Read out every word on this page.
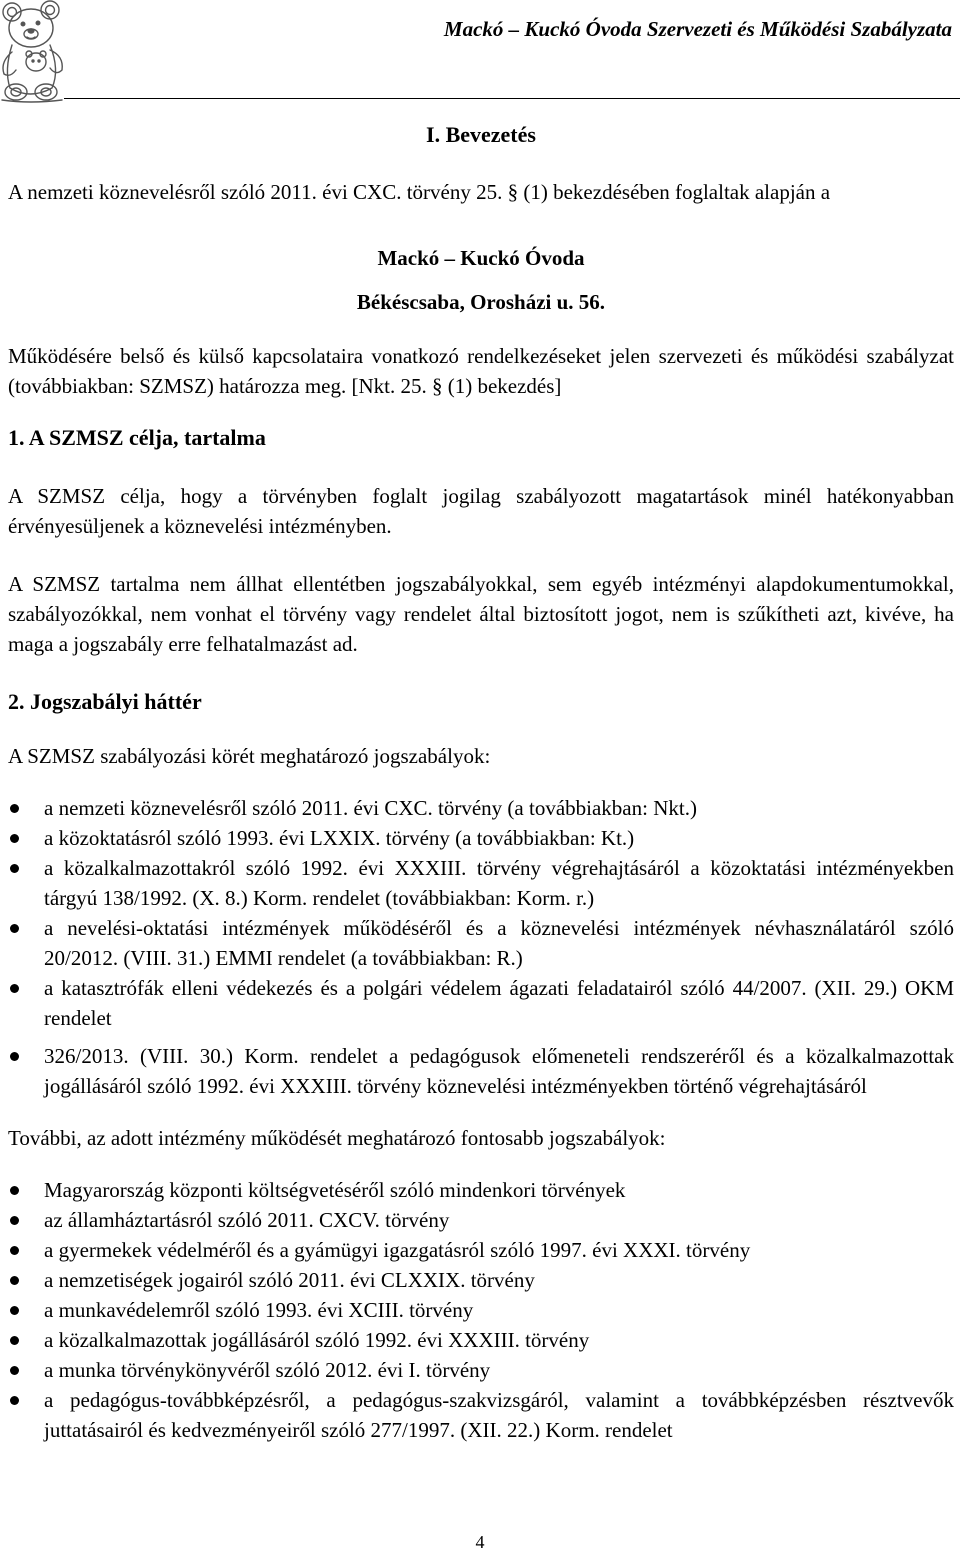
Mackó – Kuckó Óvoda Szervezeti és Működési Szabályzata
I. Bevezetés

A nemzeti köznevelésről szóló 2011. évi CXC. törvény 25. § (1) bekezdésében foglaltak alapján a

Mackó – Kuckó Óvoda

Békéscsaba, Orosházi u. 56.

Működésére belső és külső kapcsolataira vonatkozó rendelkezéseket jelen szervezeti és működési szabályzat (továbbiakban: SZMSZ) határozza meg. [Nkt. 25. § (1) bekezdés]

1. A SZMSZ célja, tartalma

A SZMSZ célja, hogy a törvényben foglalt jogilag szabályozott magatartások minél hatékonyabban érvényesüljenek a köznevelési intézményben.

A SZMSZ tartalma nem állhat ellentétben jogszabályokkal, sem egyéb intézményi alapdokumentumokkal, szabályozókkal, nem vonhat el törvény vagy rendelet által biztosított jogot, nem is szűkítheti azt, kivéve, ha maga a jogszabály erre felhatalmazást ad.

2. Jogszabályi háttér

A SZMSZ szabályozási körét meghatározó jogszabályok:

a nemzeti köznevelésről szóló 2011. évi CXC. törvény (a továbbiakban: Nkt.)
a közoktatásról szóló 1993. évi LXXIX. törvény (a továbbiakban: Kt.)
a közalkalmazottakról szóló 1992. évi XXXIII. törvény végrehajtásáról a közoktatási intézményekben tárgyú 138/1992. (X. 8.) Korm. rendelet (továbbiakban: Korm. r.)
a nevelési-oktatási intézmények működéséről és a köznevelési intézmények névhasználatáról szóló 20/2012. (VIII. 31.) EMMI rendelet (a továbbiakban: R.)
a katasztrófák elleni védekezés és a polgári védelem ágazati feladatairól szóló 44/2007. (XII. 29.) OKM rendelet
326/2013. (VIII. 30.) Korm. rendelet a pedagógusok előmeneteli rendszeréről és a közalkalmazottak jogállásáról szóló 1992. évi XXXIII. törvény köznevelési intézményekben történő végrehajtásáról

További, az adott intézmény működését meghatározó fontosabb jogszabályok:

Magyarország központi költségvetéséről szóló mindenkori törvények
az államháztartásról szóló 2011. CXCV. törvény
a gyermekek védelméről és a gyámügyi igazgatásról szóló 1997. évi XXXI. törvény
a nemzetiségek jogairól szóló 2011. évi CLXXIX. törvény
a munkavédelemről szóló 1993. évi XCIII. törvény
a közalkalmazottak jogállásáról szóló 1992. évi XXXIII. törvény
a munka törvénykönyvéről szóló 2012. évi I. törvény
a pedagógus-továbbképzésről, a pedagógus-szakvizsgáról, valamint a továbbképzésben résztvevők juttatásairól és kedvezményeiről szóló 277/1997. (XII. 22.) Korm. rendelet
4
